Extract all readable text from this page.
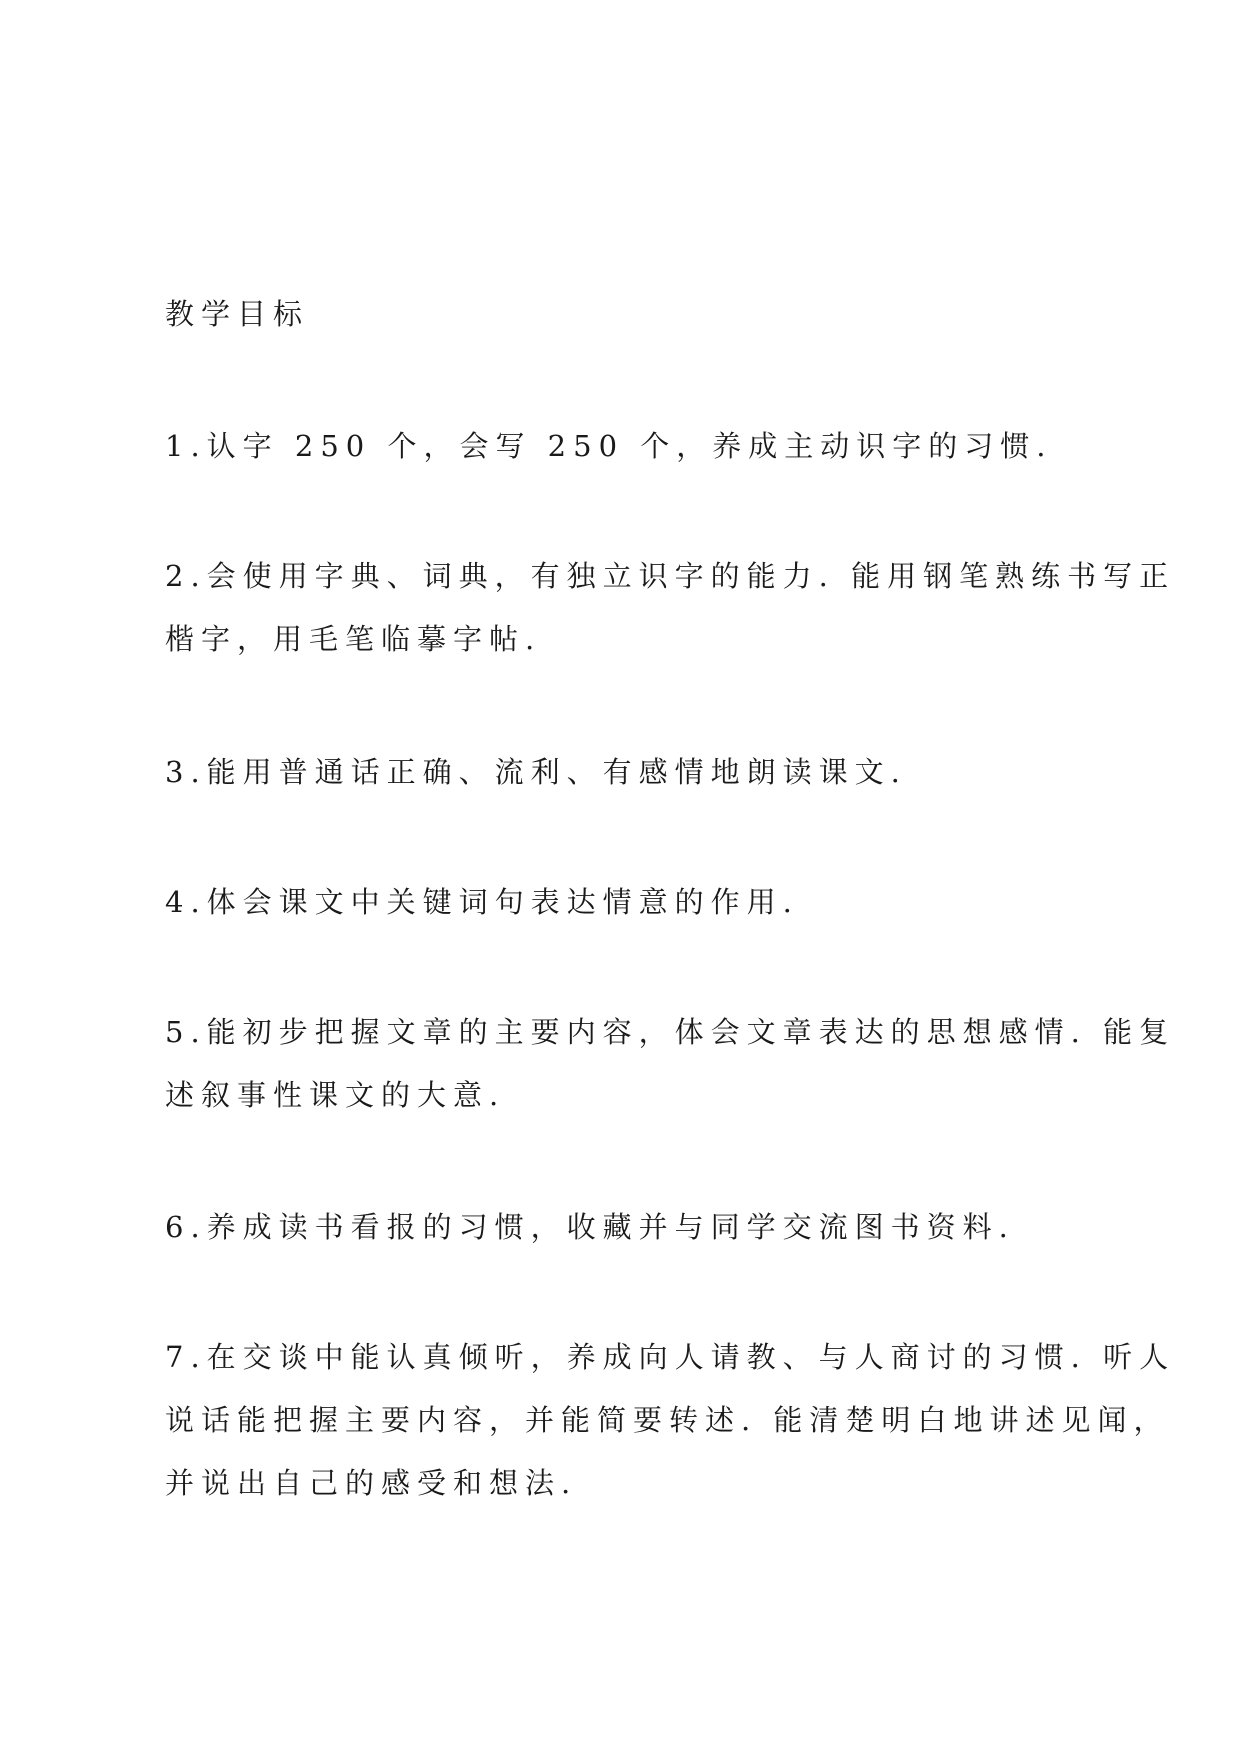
教学目标
1.认字 250 个，会写 250 个，养成主动识字的习惯.
2.会使用字典、词典，有独立识字的能力. 能用钢笔熟练书写正
楷字，用毛笔临摹字帖.
3.能用普通话正确、流利、有感情地朗读课文.
4.体会课文中关键词句表达情意的作用.
5.能初步把握文章的主要内容，体会文章表达的思想感情. 能复
述叙事性课文的大意.
6.养成读书看报的习惯，收藏并与同学交流图书资料.
7.在交谈中能认真倾听，养成向人请教、与人商讨的习惯. 听人
说话能把握主要内容，并能简要转述. 能清楚明白地讲述见闻，
并说出自己的感受和想法.
